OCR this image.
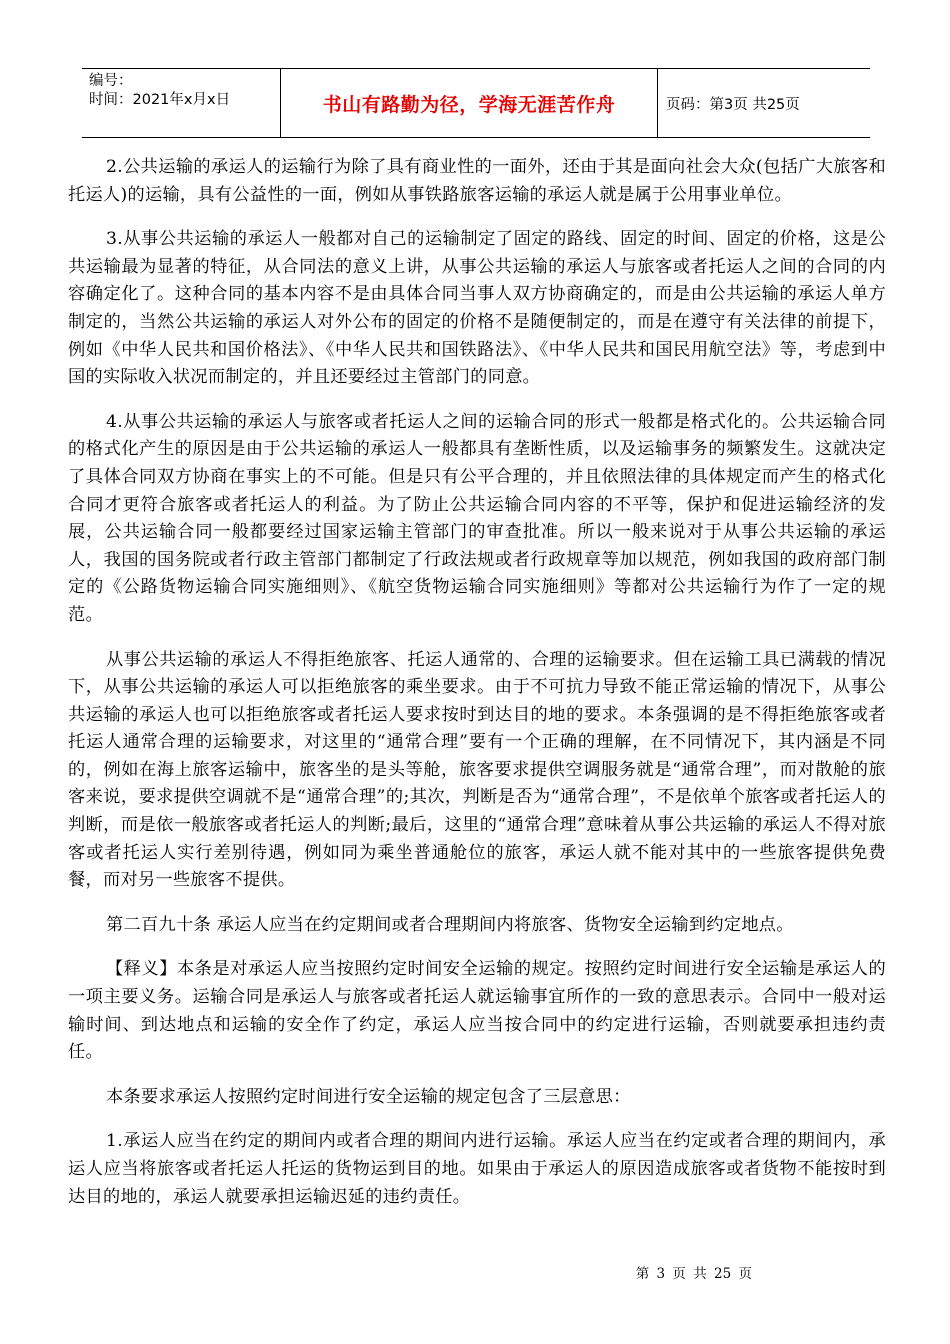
编号：
时间：2021年x月x日	书山有路勤为径，学海无涯苦作舟	页码：第3页 共25页

2.公共运输的承运人的运输行为除了具有商业性的一面外，还由于其是面向社会大众(包括广大旅客和托运人)的运输，具有公益性的一面，例如从事铁路旅客运输的承运人就是属于公用事业单位。

3.从事公共运输的承运人一般都对自己的运输制定了固定的路线、固定的时间、固定的价格，这是公共运输最为显著的特征，从合同法的意义上讲，从事公共运输的承运人与旅客或者托运人之间的合同的内容确定化了。这种合同的基本内容不是由具体合同当事人双方协商确定的，而是由公共运输的承运人单方制定的，当然公共运输的承运人对外公布的固定的价格不是随便制定的，而是在遵守有关法律的前提下，例如《中华人民共和国价格法》、《中华人民共和国铁路法》、《中华人民共和国民用航空法》等，考虑到中国的实际收入状况而制定的，并且还要经过主管部门的同意。

4.从事公共运输的承运人与旅客或者托运人之间的运输合同的形式一般都是格式化的。公共运输合同的格式化产生的原因是由于公共运输的承运人一般都具有垄断性质，以及运输事务的频繁发生。这就决定了具体合同双方协商在事实上的不可能。但是只有公平合理的，并且依照法律的具体规定而产生的格式化合同才更符合旅客或者托运人的利益。为了防止公共运输合同内容的不平等，保护和促进运输经济的发展，公共运输合同一般都要经过国家运输主管部门的审查批准。所以一般来说对于从事公共运输的承运人，我国的国务院或者行政主管部门都制定了行政法规或者行政规章等加以规范，例如我国的政府部门制定的《公路货物运输合同实施细则》、《航空货物运输合同实施细则》等都对公共运输行为作了一定的规范。

从事公共运输的承运人不得拒绝旅客、托运人通常的、合理的运输要求。但在运输工具已满载的情况下，从事公共运输的承运人可以拒绝旅客的乘坐要求。由于不可抗力导致不能正常运输的情况下，从事公共运输的承运人也可以拒绝旅客或者托运人要求按时到达目的地的要求。本条强调的是不得拒绝旅客或者托运人通常合理的运输要求，对这里的“通常合理”要有一个正确的理解，在不同情况下，其内涵是不同的，例如在海上旅客运输中，旅客坐的是头等舱，旅客要求提供空调服务就是“通常合理”，而对散舱的旅客来说，要求提供空调就不是“通常合理”的;其次，判断是否为“通常合理”，不是依单个旅客或者托运人的判断，而是依一般旅客或者托运人的判断;最后，这里的“通常合理”意味着从事公共运输的承运人不得对旅客或者托运人实行差别待遇，例如同为乘坐普通舱位的旅客，承运人就不能对其中的一些旅客提供免费餐，而对另一些旅客不提供。

第二百九十条 承运人应当在约定期间或者合理期间内将旅客、货物安全运输到约定地点。

【释义】本条是对承运人应当按照约定时间安全运输的规定。按照约定时间进行安全运输是承运人的一项主要义务。运输合同是承运人与旅客或者托运人就运输事宜所作的一致的意思表示。合同中一般对运输时间、到达地点和运输的安全作了约定，承运人应当按合同中的约定进行运输，否则就要承担违约责任。

本条要求承运人按照约定时间进行安全运输的规定包含了三层意思：

1.承运人应当在约定的期间内或者合理的期间内进行运输。承运人应当在约定或者合理的期间内，承运人应当将旅客或者托运人托运的货物运到目的地。如果由于承运人的原因造成旅客或者货物不能按时到达目的地的，承运人就要承担运输迟延的违约责任。

第 3 页 共 25 页
